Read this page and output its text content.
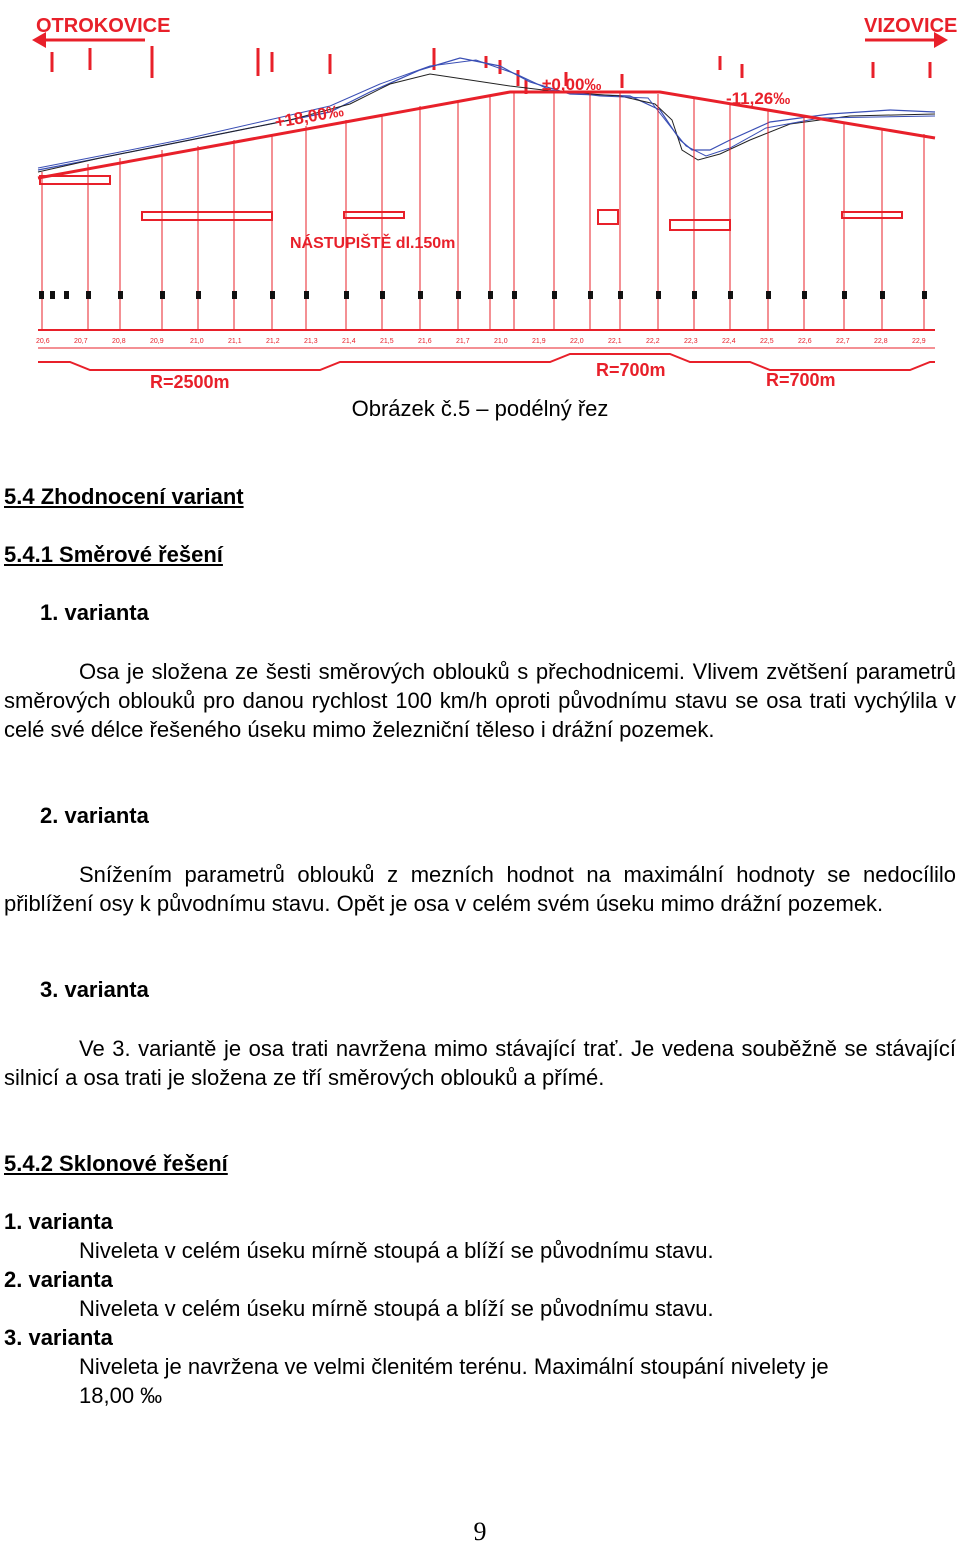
OTROKOVICE	VIZOVICE
+18,00‰
±0,00‰
-11,26‰
NÁSTUPIŠTĚ dl.150m
20,6	20,7	20,8	20,9	21,0	21,1	21,2	21,3	21,4	21,5	21,6	21,7	21,0	21,9	22,0	22,1	22,2	22,3	22,4	22,5	22,6	22,7	22,8	22,9
R=2500m
R=700m	R=700m
Obrázek č.5 – podélný řez
5.4 Zhodnocení variant
5.4.1 Směrové řešení
1. varianta
Osa je složena ze šesti směrových oblouků s přechodnicemi. Vlivem zvětšení parametrů směrových oblouků pro danou rychlost 100 km/h oproti původnímu stavu se osa trati vychýlila v celé své délce řešeného úseku mimo železniční těleso i drážní pozemek.
2. varianta
Snížením parametrů oblouků z mezních hodnot na maximální hodnoty se nedocílilo přiblížení osy k původnímu stavu. Opět je osa v celém svém úseku mimo drážní pozemek.
3. varianta
Ve 3. variantě je osa trati navržena mimo stávající trať. Je vedena souběžně se stávající silnicí a osa trati je složena ze tří směrových oblouků a přímé.
5.4.2 Sklonové řešení
1. varianta
Niveleta v celém úseku mírně stoupá a blíží se původnímu stavu.
2. varianta
Niveleta v celém úseku mírně stoupá a blíží se původnímu stavu.
3. varianta
Niveleta je navržena ve velmi členitém terénu. Maximální stoupání nivelety je
18,00 ‰
9
